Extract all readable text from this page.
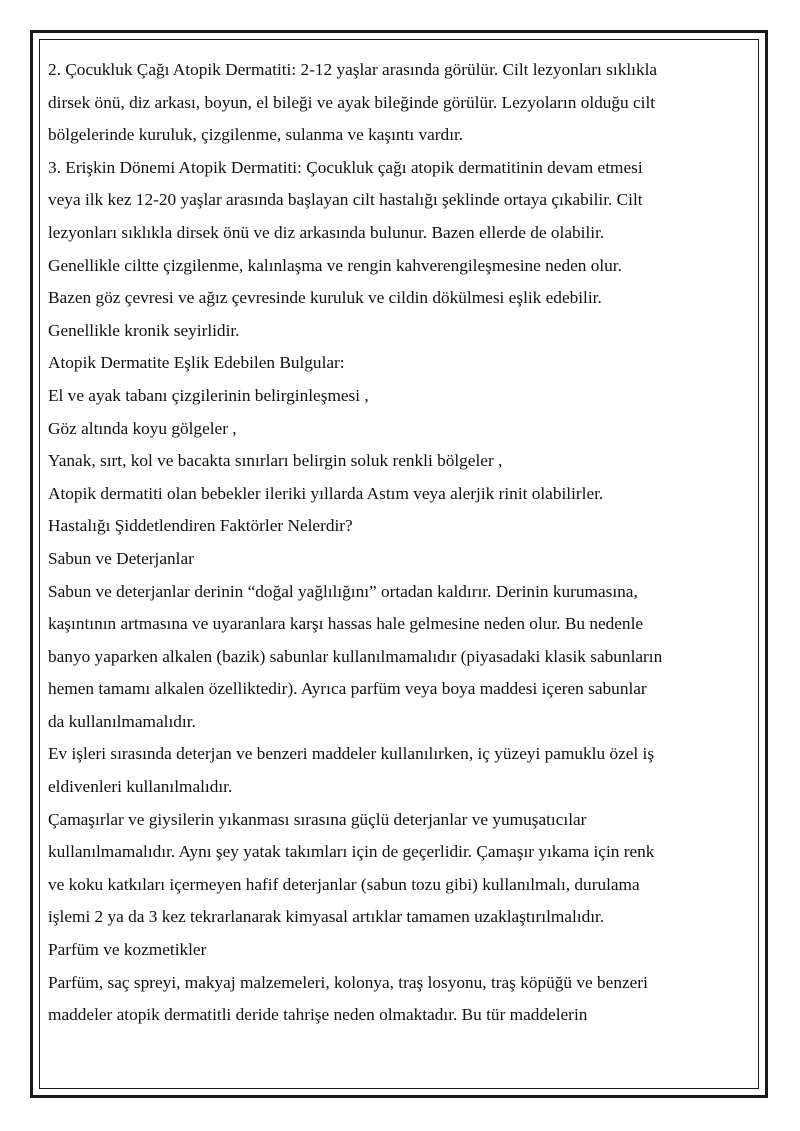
2. Çocukluk Çağı Atopik Dermatiti: 2-12 yaşlar arasında görülür. Cilt lezyonları sıklıkla
dirsek önü, diz arkası, boyun, el bileği ve ayak bileğinde görülür. Lezyoların olduğu cilt
bölgelerinde kuruluk, çizgilenme, sulanma ve kaşıntı vardır.
3. Erişkin Dönemi Atopik Dermatiti: Çocukluk çağı atopik dermatitinin devam etmesi
veya ilk kez 12-20 yaşlar arasında başlayan cilt hastalığı şeklinde ortaya çıkabilir. Cilt
lezyonları sıklıkla dirsek önü ve diz arkasında bulunur. Bazen ellerde de olabilir.
Genellikle ciltte çizgilenme, kalınlaşma ve rengin kahverengileşmesine neden olur.
Bazen göz çevresi ve ağız çevresinde kuruluk ve cildin dökülmesi eşlik edebilir.
Genellikle kronik seyirlidir.
Atopik Dermatite Eşlik Edebilen Bulgular:
El ve ayak tabanı çizgilerinin belirginleşmesi ,
Göz altında koyu gölgeler ,
Yanak, sırt, kol ve bacakta sınırları belirgin soluk renkli bölgeler ,
Atopik dermatiti olan bebekler ileriki yıllarda Astım veya alerjik rinit olabilirler.
Hastalığı Şiddetlendiren Faktörler Nelerdir?
Sabun ve Deterjanlar
Sabun ve deterjanlar derinin “doğal yağlılığını” ortadan kaldırır. Derinin kurumasına,
kaşıntının artmasına ve uyaranlara karşı hassas hale gelmesine neden olur. Bu nedenle
banyo yaparken alkalen (bazik) sabunlar kullanılmamalıdır (piyasadaki klasik sabunların
hemen tamamı alkalen özelliktedir). Ayrıca parfüm veya boya maddesi içeren sabunlar
da kullanılmamalıdır.
Ev işleri sırasında deterjan ve benzeri maddeler kullanılırken, iç yüzeyi pamuklu özel iş
eldivenleri kullanılmalıdır.
Çamaşırlar ve giysilerin yıkanması sırasına güçlü deterjanlar ve yumuşatıcılar
kullanılmamalıdır. Aynı şey yatak takımları için de geçerlidir. Çamaşır yıkama için renk
ve koku katkıları içermeyen hafif deterjanlar (sabun tozu gibi) kullanılmalı, durulama
işlemi 2 ya da 3 kez tekrarlanarak kimyasal artıklar tamamen uzaklaştırılmalıdır.
Parfüm ve kozmetikler
Parfüm, saç spreyi, makyaj malzemeleri, kolonya, traş losyonu, traş köpüğü ve benzeri
maddeler atopik dermatitli deride tahrişe neden olmaktadır. Bu tür maddelerin
